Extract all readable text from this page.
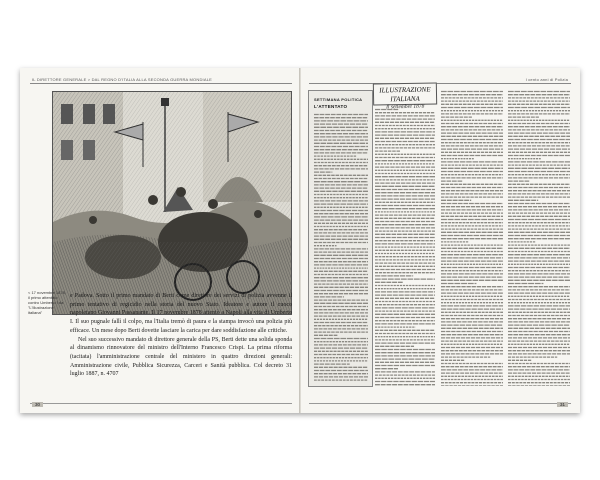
IL DIRETTORE GENERALE > DAL REGNO D'ITALIA ALLA SECONDA GUERRA MONDIALE
< 17 novembre 1878, il primo attentato contro Umberto I da "L'Illustrazione italiana"

e Padova. Sotto il primo mandato di Berti come direttore dei servizi di polizia avvenne il primo tentativo di regicidio nella storia del nuovo Stato. Ideatore e autore il cuoco napoletano Giovanni Passanante. Il 17 novembre 1878 attentò a Napoli alla vita di Umberto I. Il suo pugnale fallì il colpo, ma l'Italia tremò di paura e la stampa invocò una polizia più efficace. Un mese dopo Berti dovette lasciare la carica per dare soddisfazione alle critiche.

Nel suo successivo mandato di direttore generale della PS, Berti dette una solida sponda al dinamismo rinnovatore del ministro dell'Interno Francesco Crispi. La prima riforma (tacitata) l'amministrazione centrale del ministero in quattro direzioni generali: Amministrazione civile, Pubblica Sicurezza, Carceri e Sanità pubblica. Col decreto 31 luglio 1887, n. 4707

30
I cento anni di Polizia
SETTIMANA POLITICA
L'ATTENTATO
ILLUSTRAZIONE ITALIANA
Il settembre 1878
31
